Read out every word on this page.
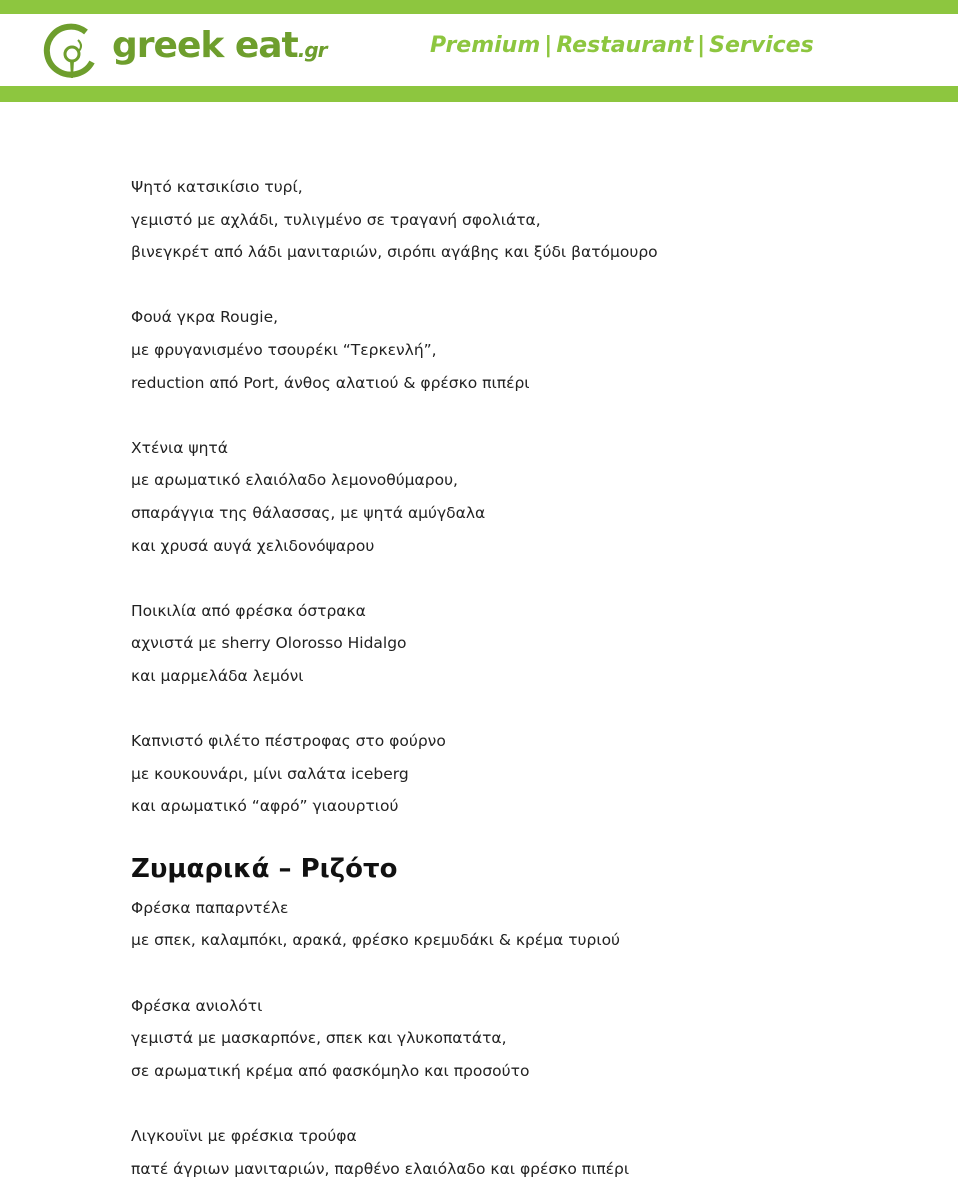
greek eat.gr	Premium | Restaurant | Services
Ψητό κατσικίσιο τυρί,
γεμιστό με αχλάδι, τυλιγμένο σε τραγανή σφολιάτα,
βινεγκρέτ από λάδι μανιταριών, σιρόπι αγάβης και ξύδι βατόμουρο
Φουά γκρα Rougie,
με φρυγανισμένο τσουρέκι “Τερκενλή”,
reduction από Port, άνθος αλατιού & φρέσκο πιπέρι
Χτένια ψητά
με αρωματικό ελαιόλαδο λεμονοθύμαρου,
σπαράγγια της θάλασσας, με ψητά αμύγδαλα
και χρυσά αυγά χελιδονόψαρου
Ποικιλία από φρέσκα όστρακα
αχνιστά με sherry Olorosso Hidalgo
και μαρμελάδα λεμόνι
Καπνιστό φιλέτο πέστροφας στο φούρνο
με κουκουνάρι, μίνι σαλάτα iceberg
και αρωματικό “αφρό” γιαουρτιού
Ζυμαρικά – Ριζότο
Φρέσκα παπαρντέλε
με σπεκ, καλαμπόκι, αρακά, φρέσκο κρεμυδάκι & κρέμα τυριού
Φρέσκα ανιολότι
γεμιστά με μασκαρπόνε, σπεκ και γλυκοπατάτα,
σε αρωματική κρέμα από φασκόμηλο και προσούτο
Λιγκουϊνι με φρέσκια τρούφα
πατέ άγριων μανιταριών, παρθένο ελαιόλαδο και φρέσκο πιπέρι
